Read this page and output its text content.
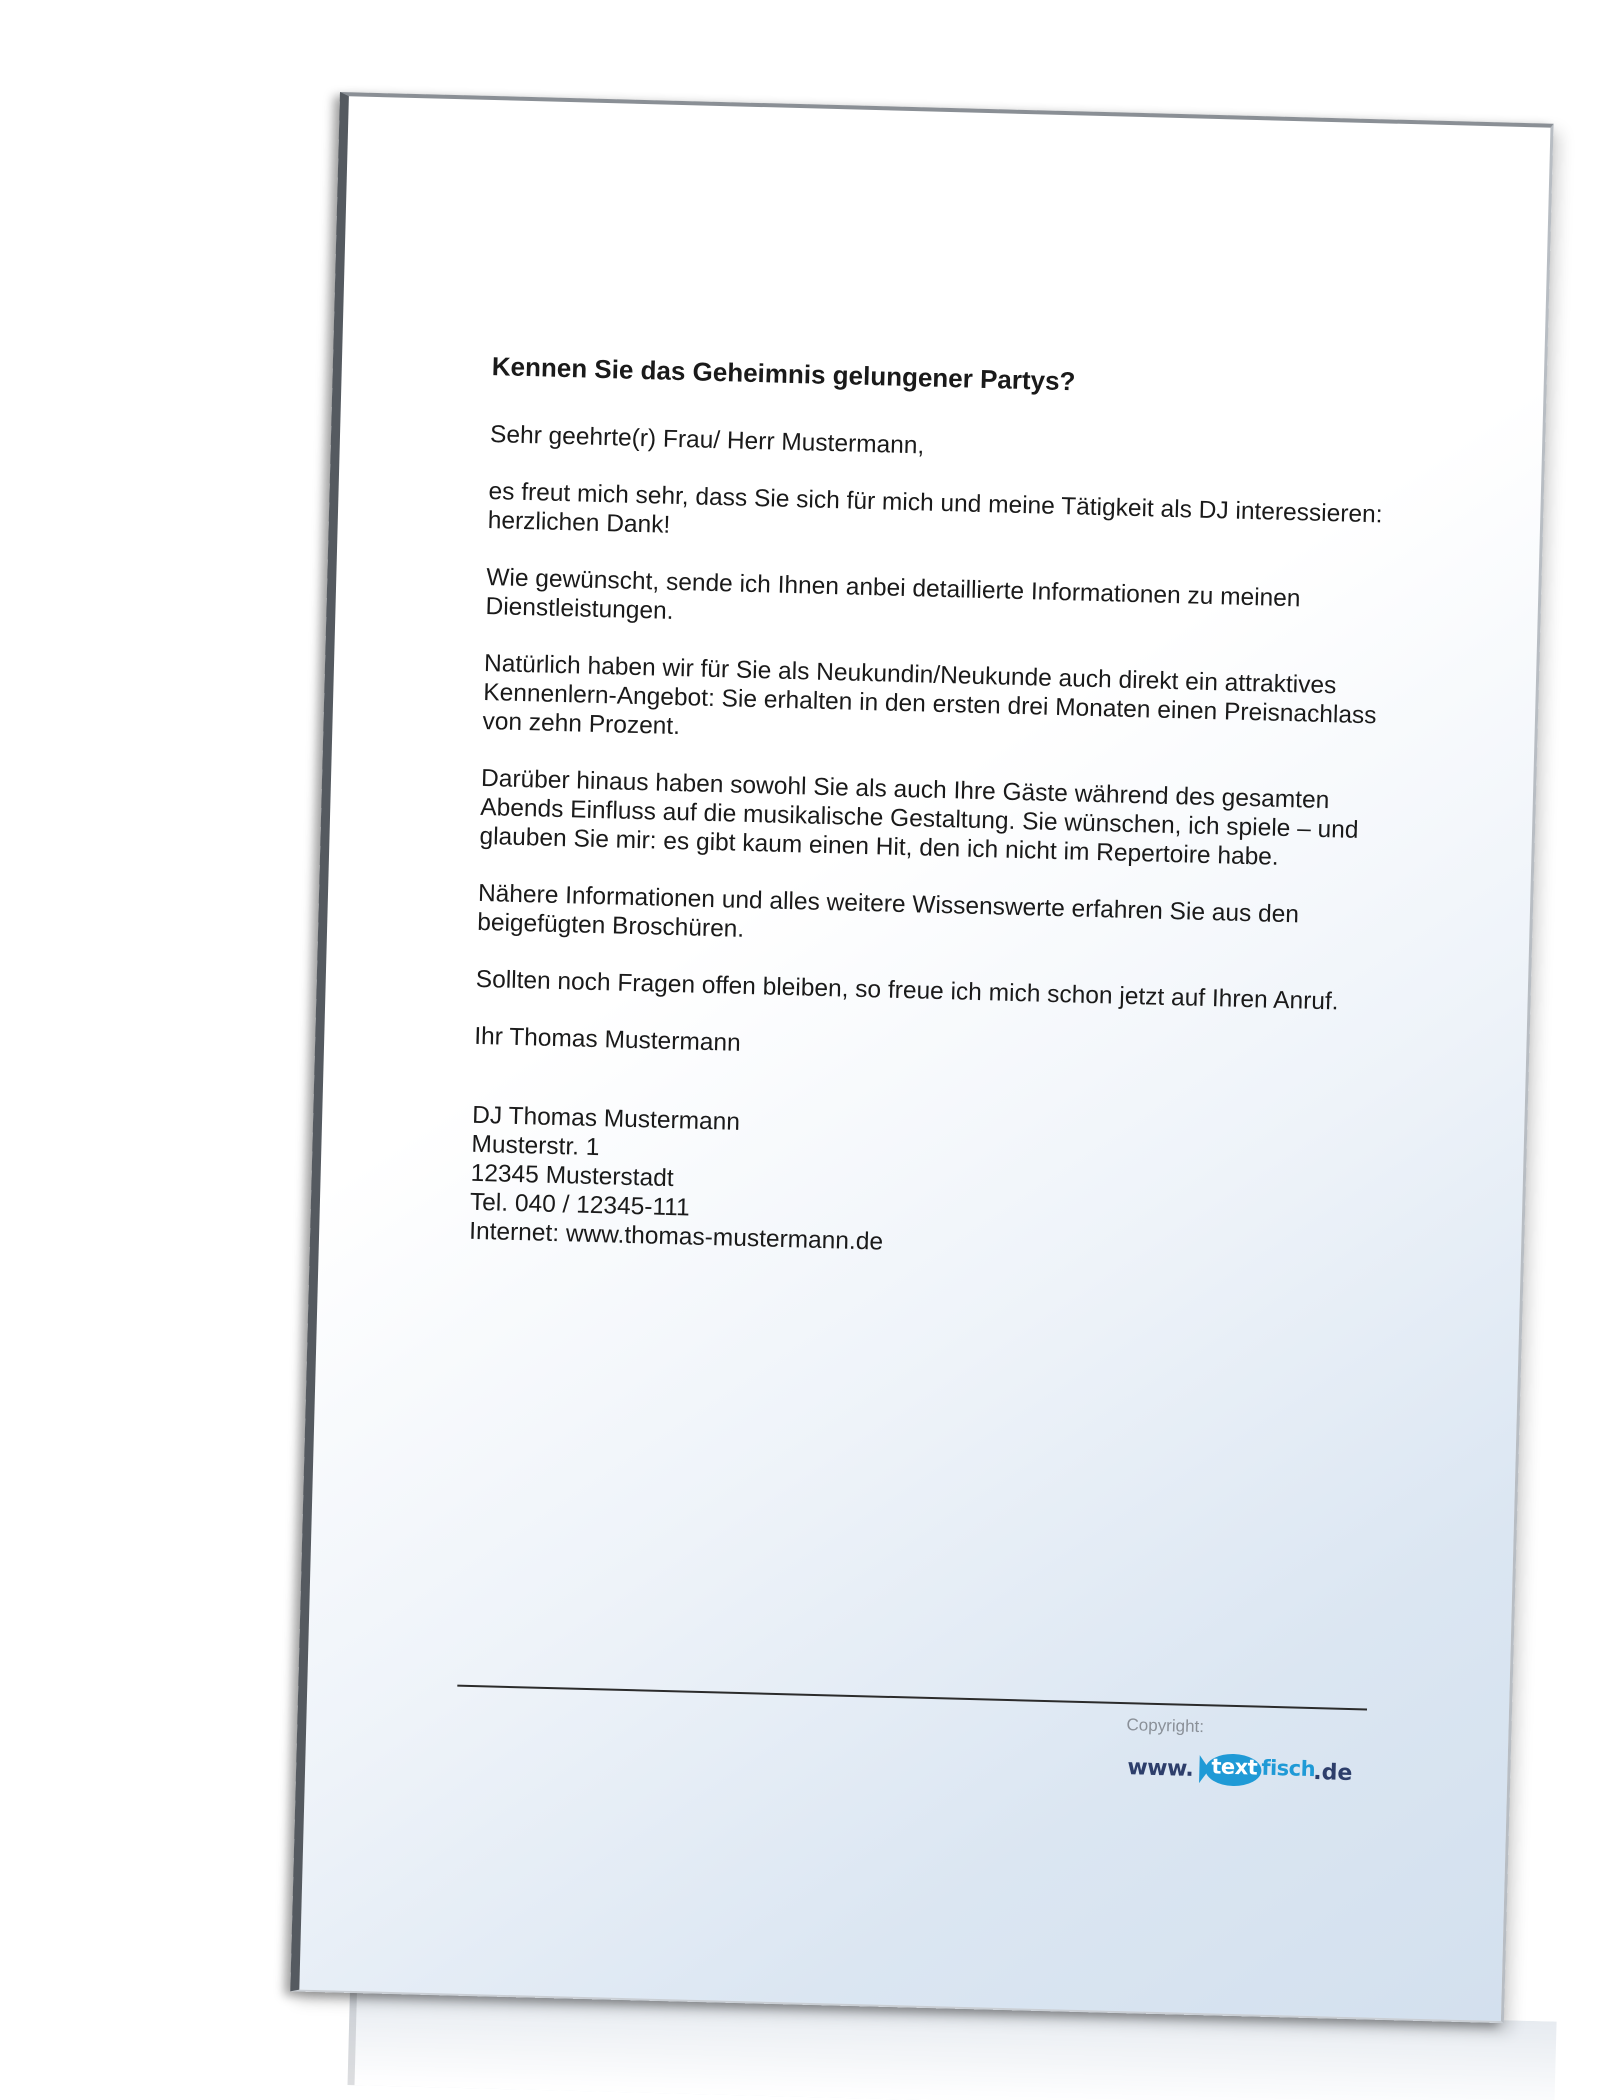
Kennen Sie das Geheimnis gelungener Partys?

Sehr geehrte(r) Frau/ Herr Mustermann,

es freut mich sehr, dass Sie sich für mich und meine Tätigkeit als DJ interessieren: herzlichen Dank!

Wie gewünscht, sende ich Ihnen anbei detaillierte Informationen zu meinen Dienstleistungen.

Natürlich haben wir für Sie als Neukundin/Neukunde auch direkt ein attraktives Kennenlern-Angebot: Sie erhalten in den ersten drei Monaten einen Preisnachlass von zehn Prozent.

Darüber hinaus haben sowohl Sie als auch Ihre Gäste während des gesamten Abends Einfluss auf die musikalische Gestaltung. Sie wünschen, ich spiele – und glauben Sie mir: es gibt kaum einen Hit, den ich nicht im Repertoire habe.

Nähere Informationen und alles weitere Wissenswerte erfahren Sie aus den beigefügten Broschüren.

Sollten noch Fragen offen bleiben, so freue ich mich schon jetzt auf Ihren Anruf.

Ihr Thomas Mustermann

DJ Thomas Mustermann
Musterstr. 1
12345 Musterstadt
Tel. 040 / 12345-111
Internet: www.thomas-mustermann.de
Copyright:
www. text fisch
.de
